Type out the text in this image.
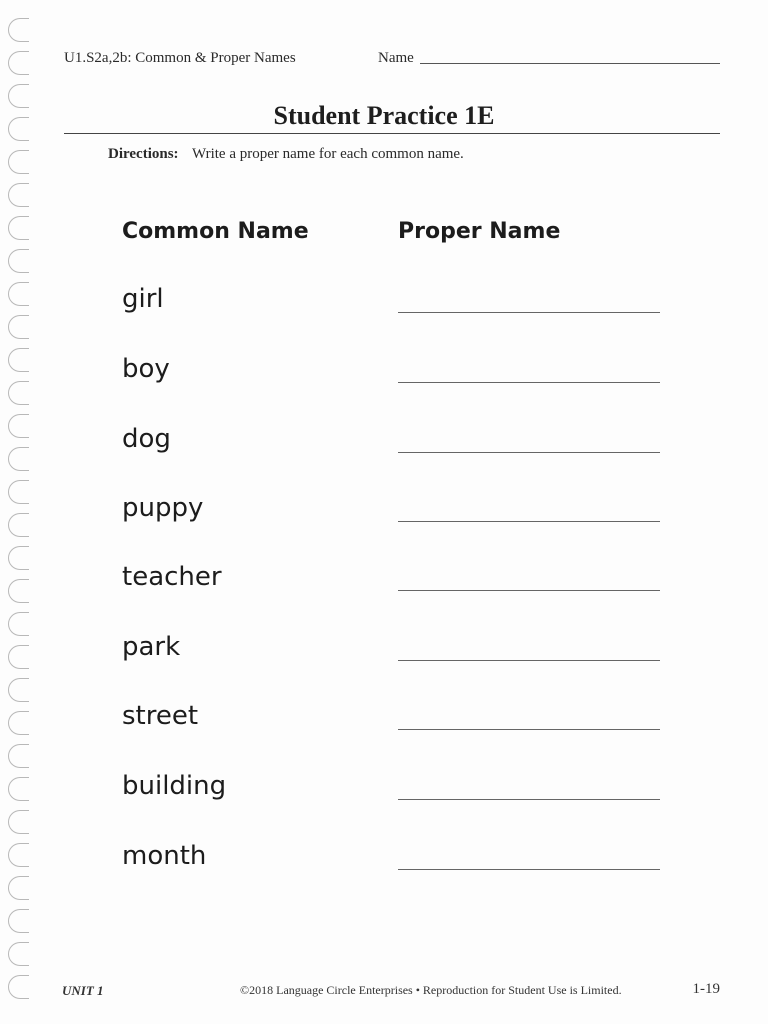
U1.S2a,2b: Common & Proper Names	Name
Student Practice 1E
Directions: Write a proper name for each common name.
Common Name	Proper Name
girl
boy
dog
puppy
teacher
park
street
building
month
UNIT 1	©2018 Language Circle Enterprises • Reproduction for Student Use is Limited.	1-19
